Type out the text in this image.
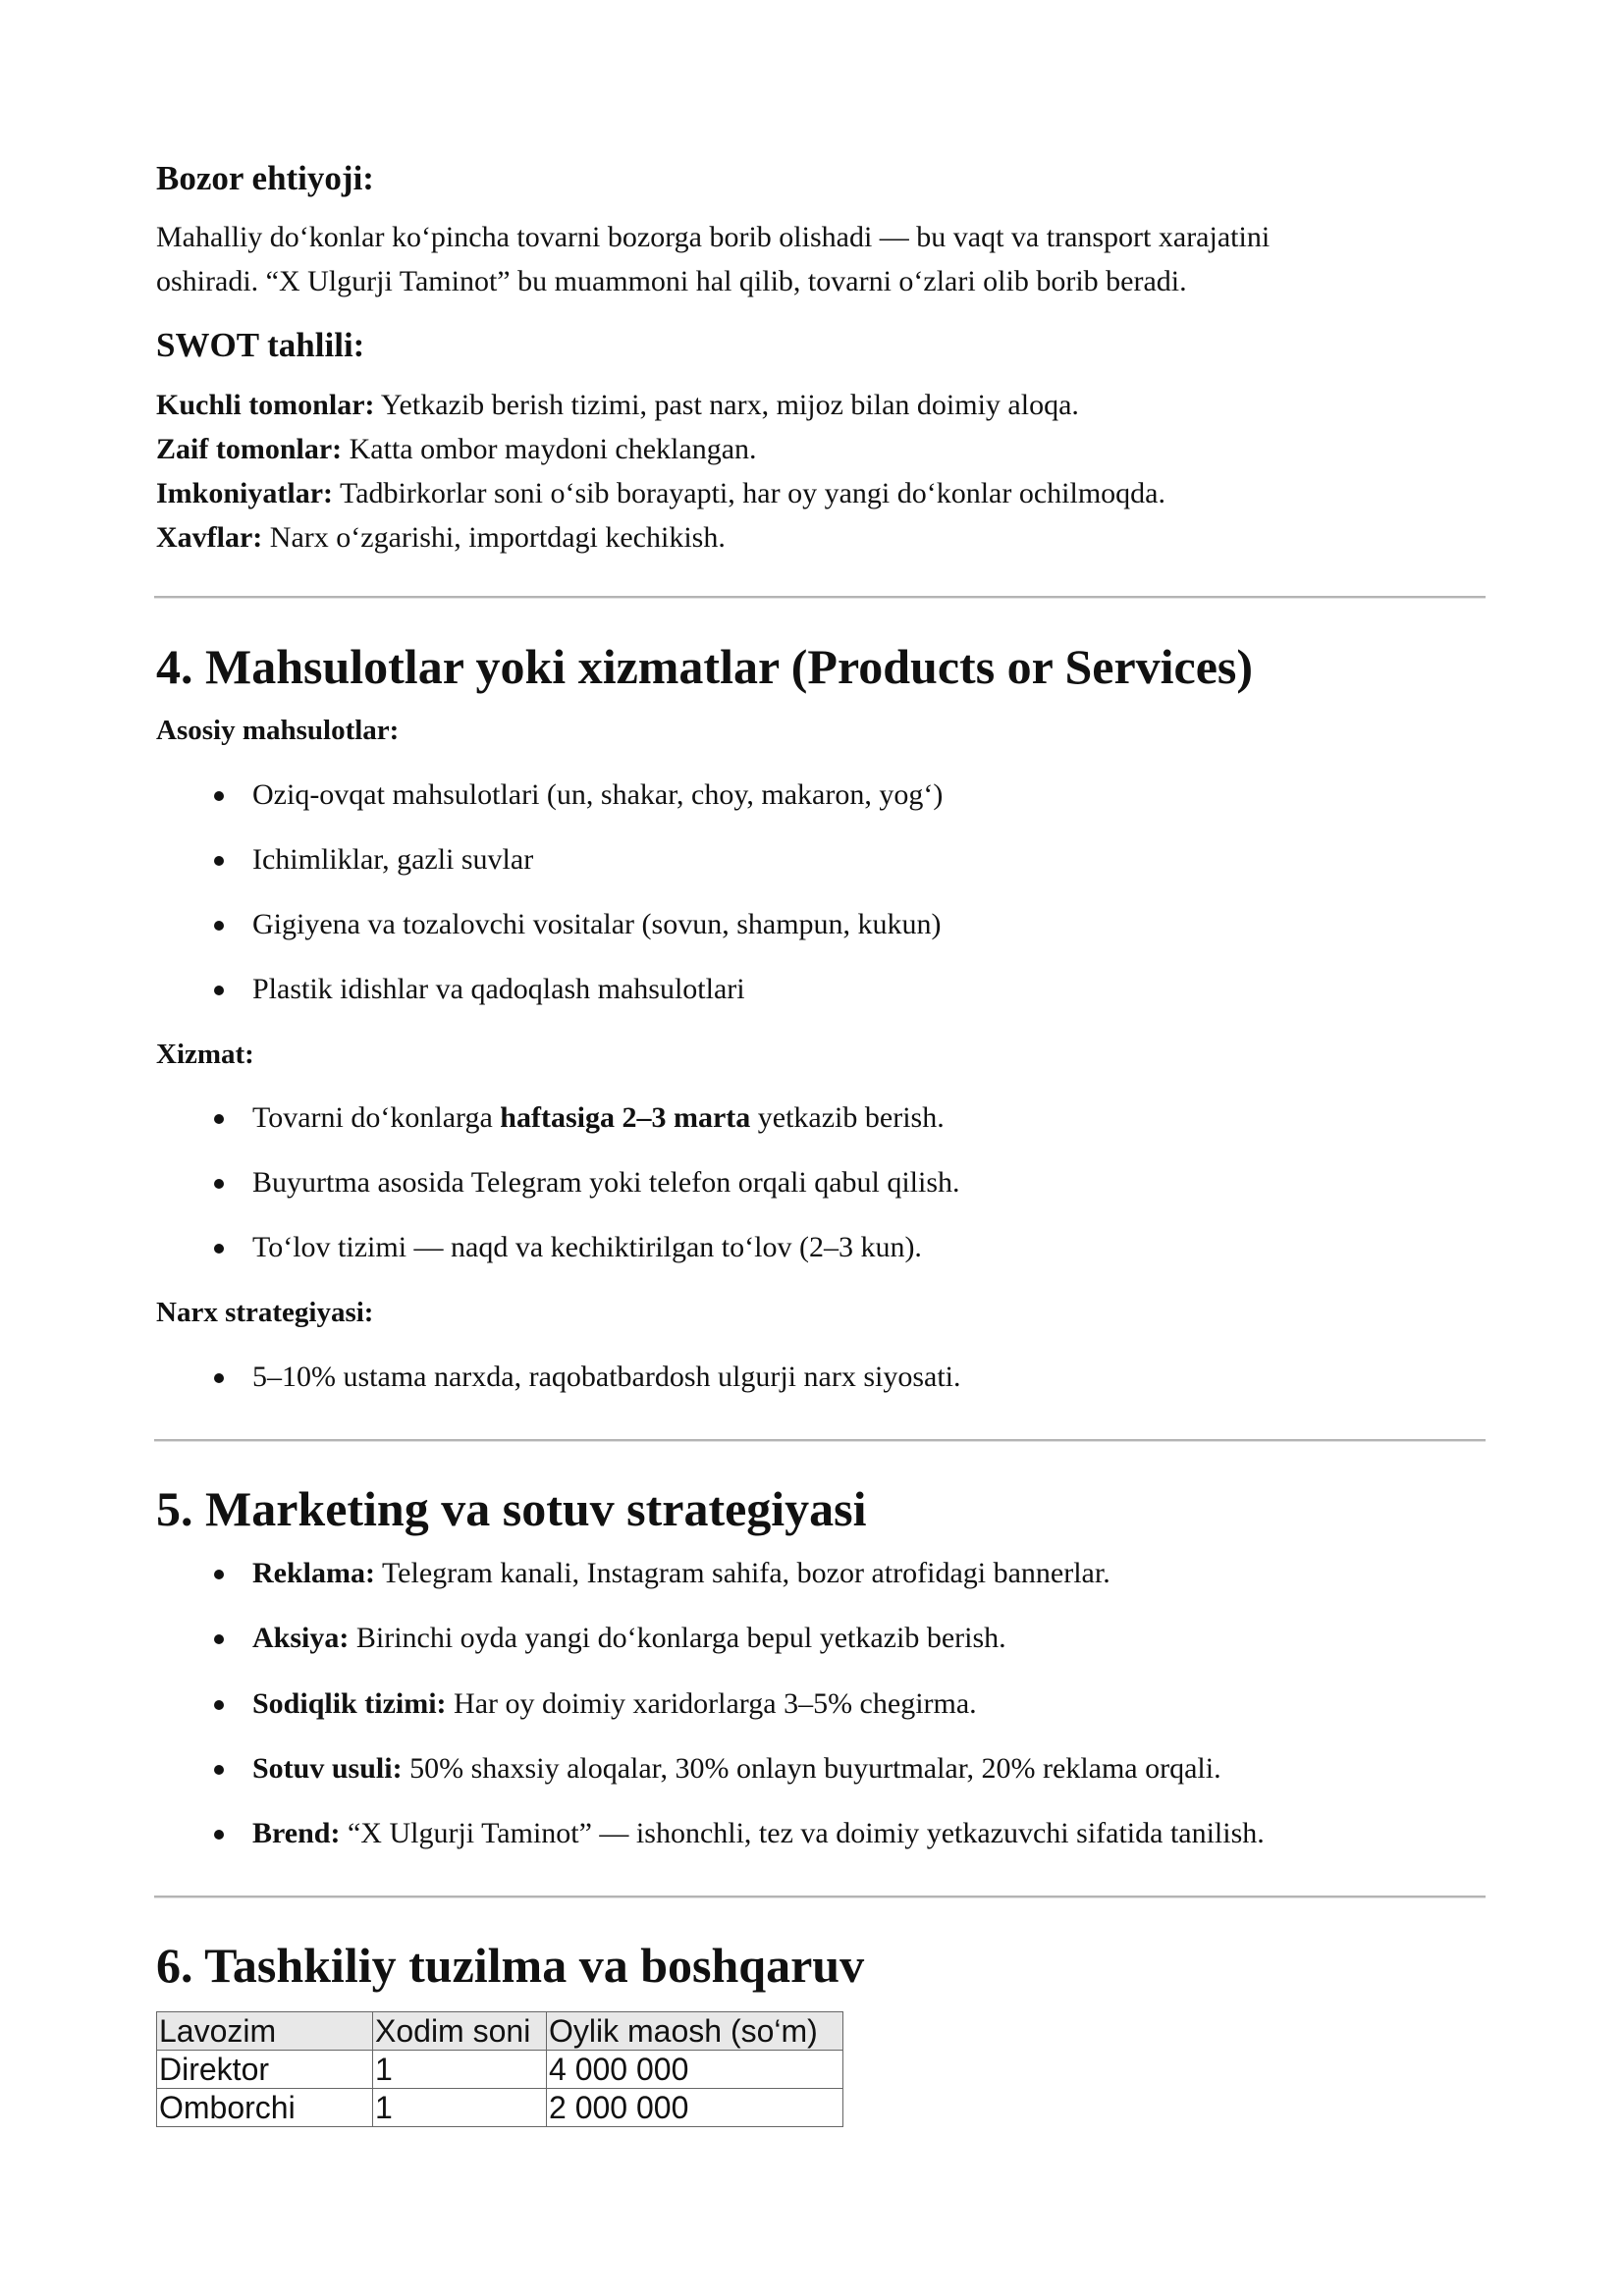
Bozor ehtiyoji:
Mahalliy do‘konlar ko‘pincha tovarni bozorga borib olishadi — bu vaqt va transport xarajatini
oshiradi. “X Ulgurji Taminot” bu muammoni hal qilib, tovarni o‘zlari olib borib beradi.
SWOT tahlili:
Kuchli tomonlar: Yetkazib berish tizimi, past narx, mijoz bilan doimiy aloqa.
Zaif tomonlar: Katta ombor maydoni cheklangan.
Imkoniyatlar: Tadbirkorlar soni o‘sib borayapti, har oy yangi do‘konlar ochilmoqda.
Xavflar: Narx o‘zgarishi, importdagi kechikish.
4. Mahsulotlar yoki xizmatlar (Products or Services)
Asosiy mahsulotlar:
Oziq-ovqat mahsulotlari (un, shakar, choy, makaron, yog‘)
Ichimliklar, gazli suvlar
Gigiyena va tozalovchi vositalar (sovun, shampun, kukun)
Plastik idishlar va qadoqlash mahsulotlari
Xizmat:
Tovarni do‘konlarga haftasiga 2–3 marta yetkazib berish.
Buyurtma asosida Telegram yoki telefon orqali qabul qilish.
To‘lov tizimi — naqd va kechiktirilgan to‘lov (2–3 kun).
Narx strategiyasi:
5–10% ustama narxda, raqobatbardosh ulgurji narx siyosati.
5. Marketing va sotuv strategiyasi
Reklama: Telegram kanali, Instagram sahifa, bozor atrofidagi bannerlar.
Aksiya: Birinchi oyda yangi do‘konlarga bepul yetkazib berish.
Sodiqlik tizimi: Har oy doimiy xaridorlarga 3–5% chegirma.
Sotuv usuli: 50% shaxsiy aloqalar, 30% onlayn buyurtmalar, 20% reklama orqali.
Brend: “X Ulgurji Taminot” — ishonchli, tez va doimiy yetkazuvchi sifatida tanilish.
6. Tashkiliy tuzilma va boshqaruv
Lavozim	Xodim soni	Oylik maosh (so‘m)
Direktor	1	4 000 000
Omborchi	1	2 000 000
